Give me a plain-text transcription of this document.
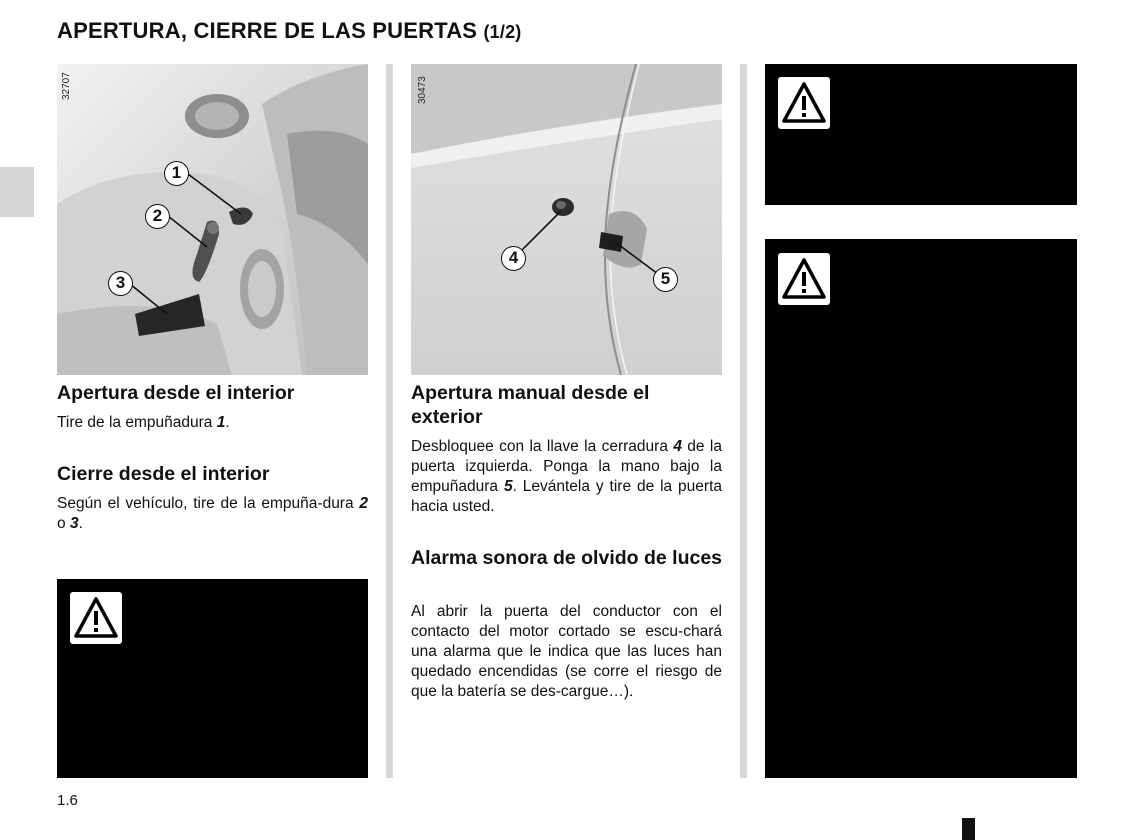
APERTURA, CIERRE DE LAS PUERTAS (1/2)
32707
1
2
3
30473
4
5
Apertura desde el interior

Tire de la empuñadura 1.

Cierre desde el interior

Según el vehículo, tire de la empuña-dura 2 o 3.

Apertura manual desde el exterior

Desbloquee con la llave la cerradura 4 de la puerta izquierda. Ponga la mano bajo la empuñadura 5. Levántela y tire de la puerta hacia usted.

Alarma sonora de olvido de luces

Al abrir la puerta del conductor con el contacto del motor cortado se escu-chará una alarma que le indica que las luces han quedado encendidas (se corre el riesgo de que la batería se des-cargue…).

1.6
